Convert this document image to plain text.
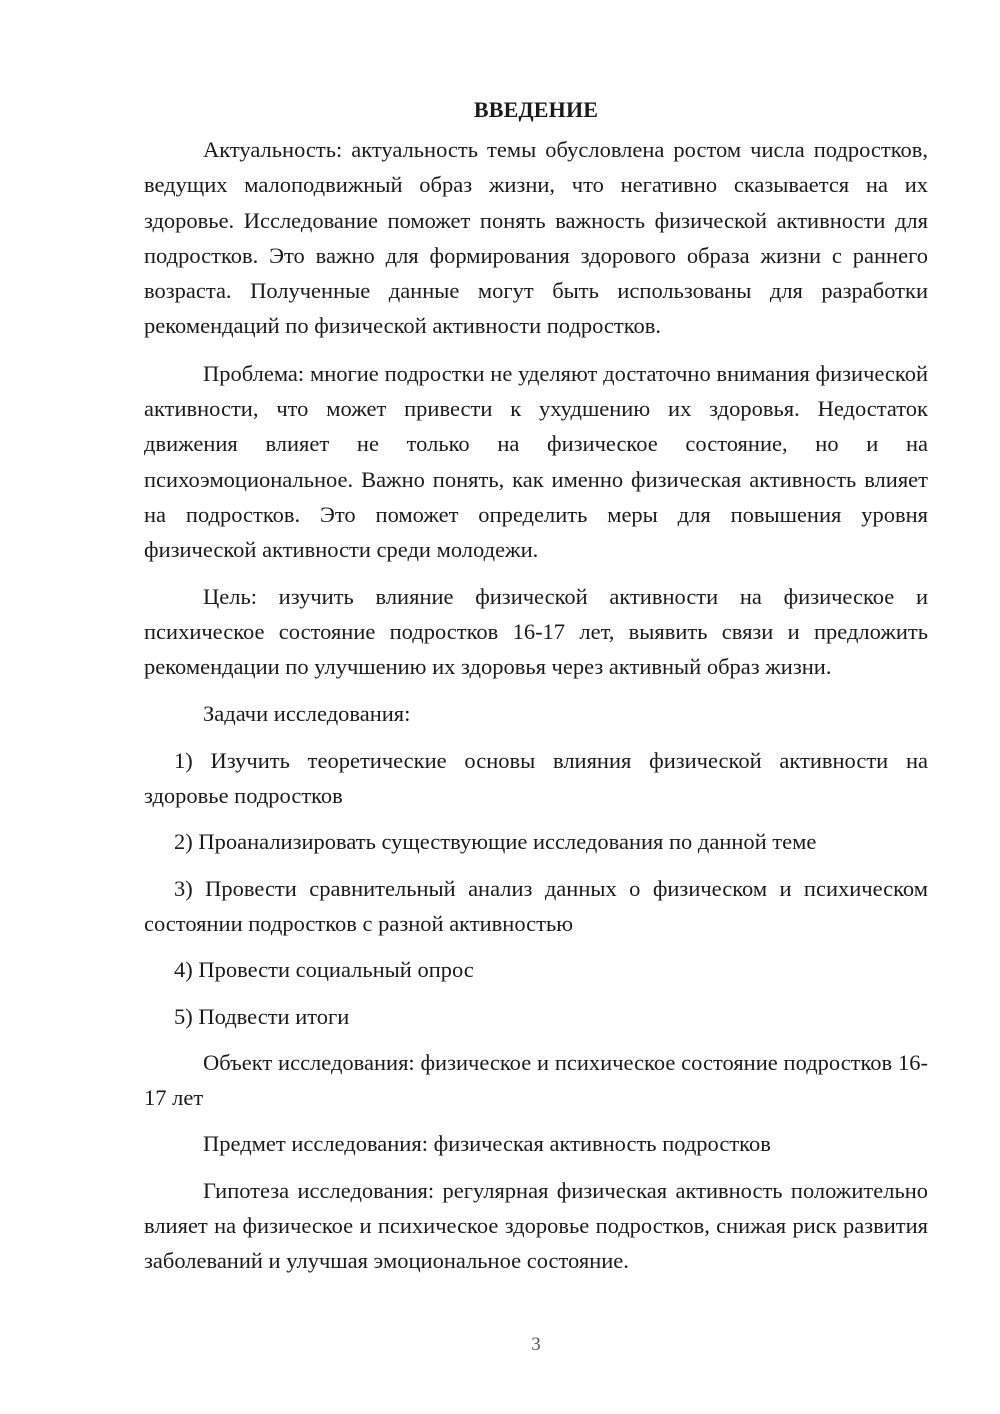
ВВЕДЕНИЕ

Актуальность: актуальность темы обусловлена ростом числа подростков, ведущих малоподвижный образ жизни, что негативно сказывается на их здоровье. Исследование поможет понять важность физической активности для подростков. Это важно для формирования здорового образа жизни с раннего возраста. Полученные данные могут быть использованы для разработки рекомендаций по физической активности подростков.

Проблема: многие подростки не уделяют достаточно внимания физической активности, что может привести к ухудшению их здоровья. Недостаток движения влияет не только на физическое состояние, но и на психоэмоциональное. Важно понять, как именно физическая активность влияет на подростков. Это поможет определить меры для повышения уровня физической активности среди молодежи.

Цель: изучить влияние физической активности на физическое и психическое состояние подростков 16-17 лет, выявить связи и предложить рекомендации по улучшению их здоровья через активный образ жизни.

Задачи исследования:

1) Изучить теоретические основы влияния физической активности на здоровье подростков

2) Проанализировать существующие исследования по данной теме

3) Провести сравнительный анализ данных о физическом и психическом состоянии подростков с разной активностью

4) Провести социальный опрос

5) Подвести итоги

Объект исследования: физическое и психическое состояние подростков 16-17 лет

Предмет исследования: физическая активность подростков

Гипотеза исследования: регулярная физическая активность положительно влияет на физическое и психическое здоровье подростков, снижая риск развития заболеваний и улучшая эмоциональное состояние.

3
